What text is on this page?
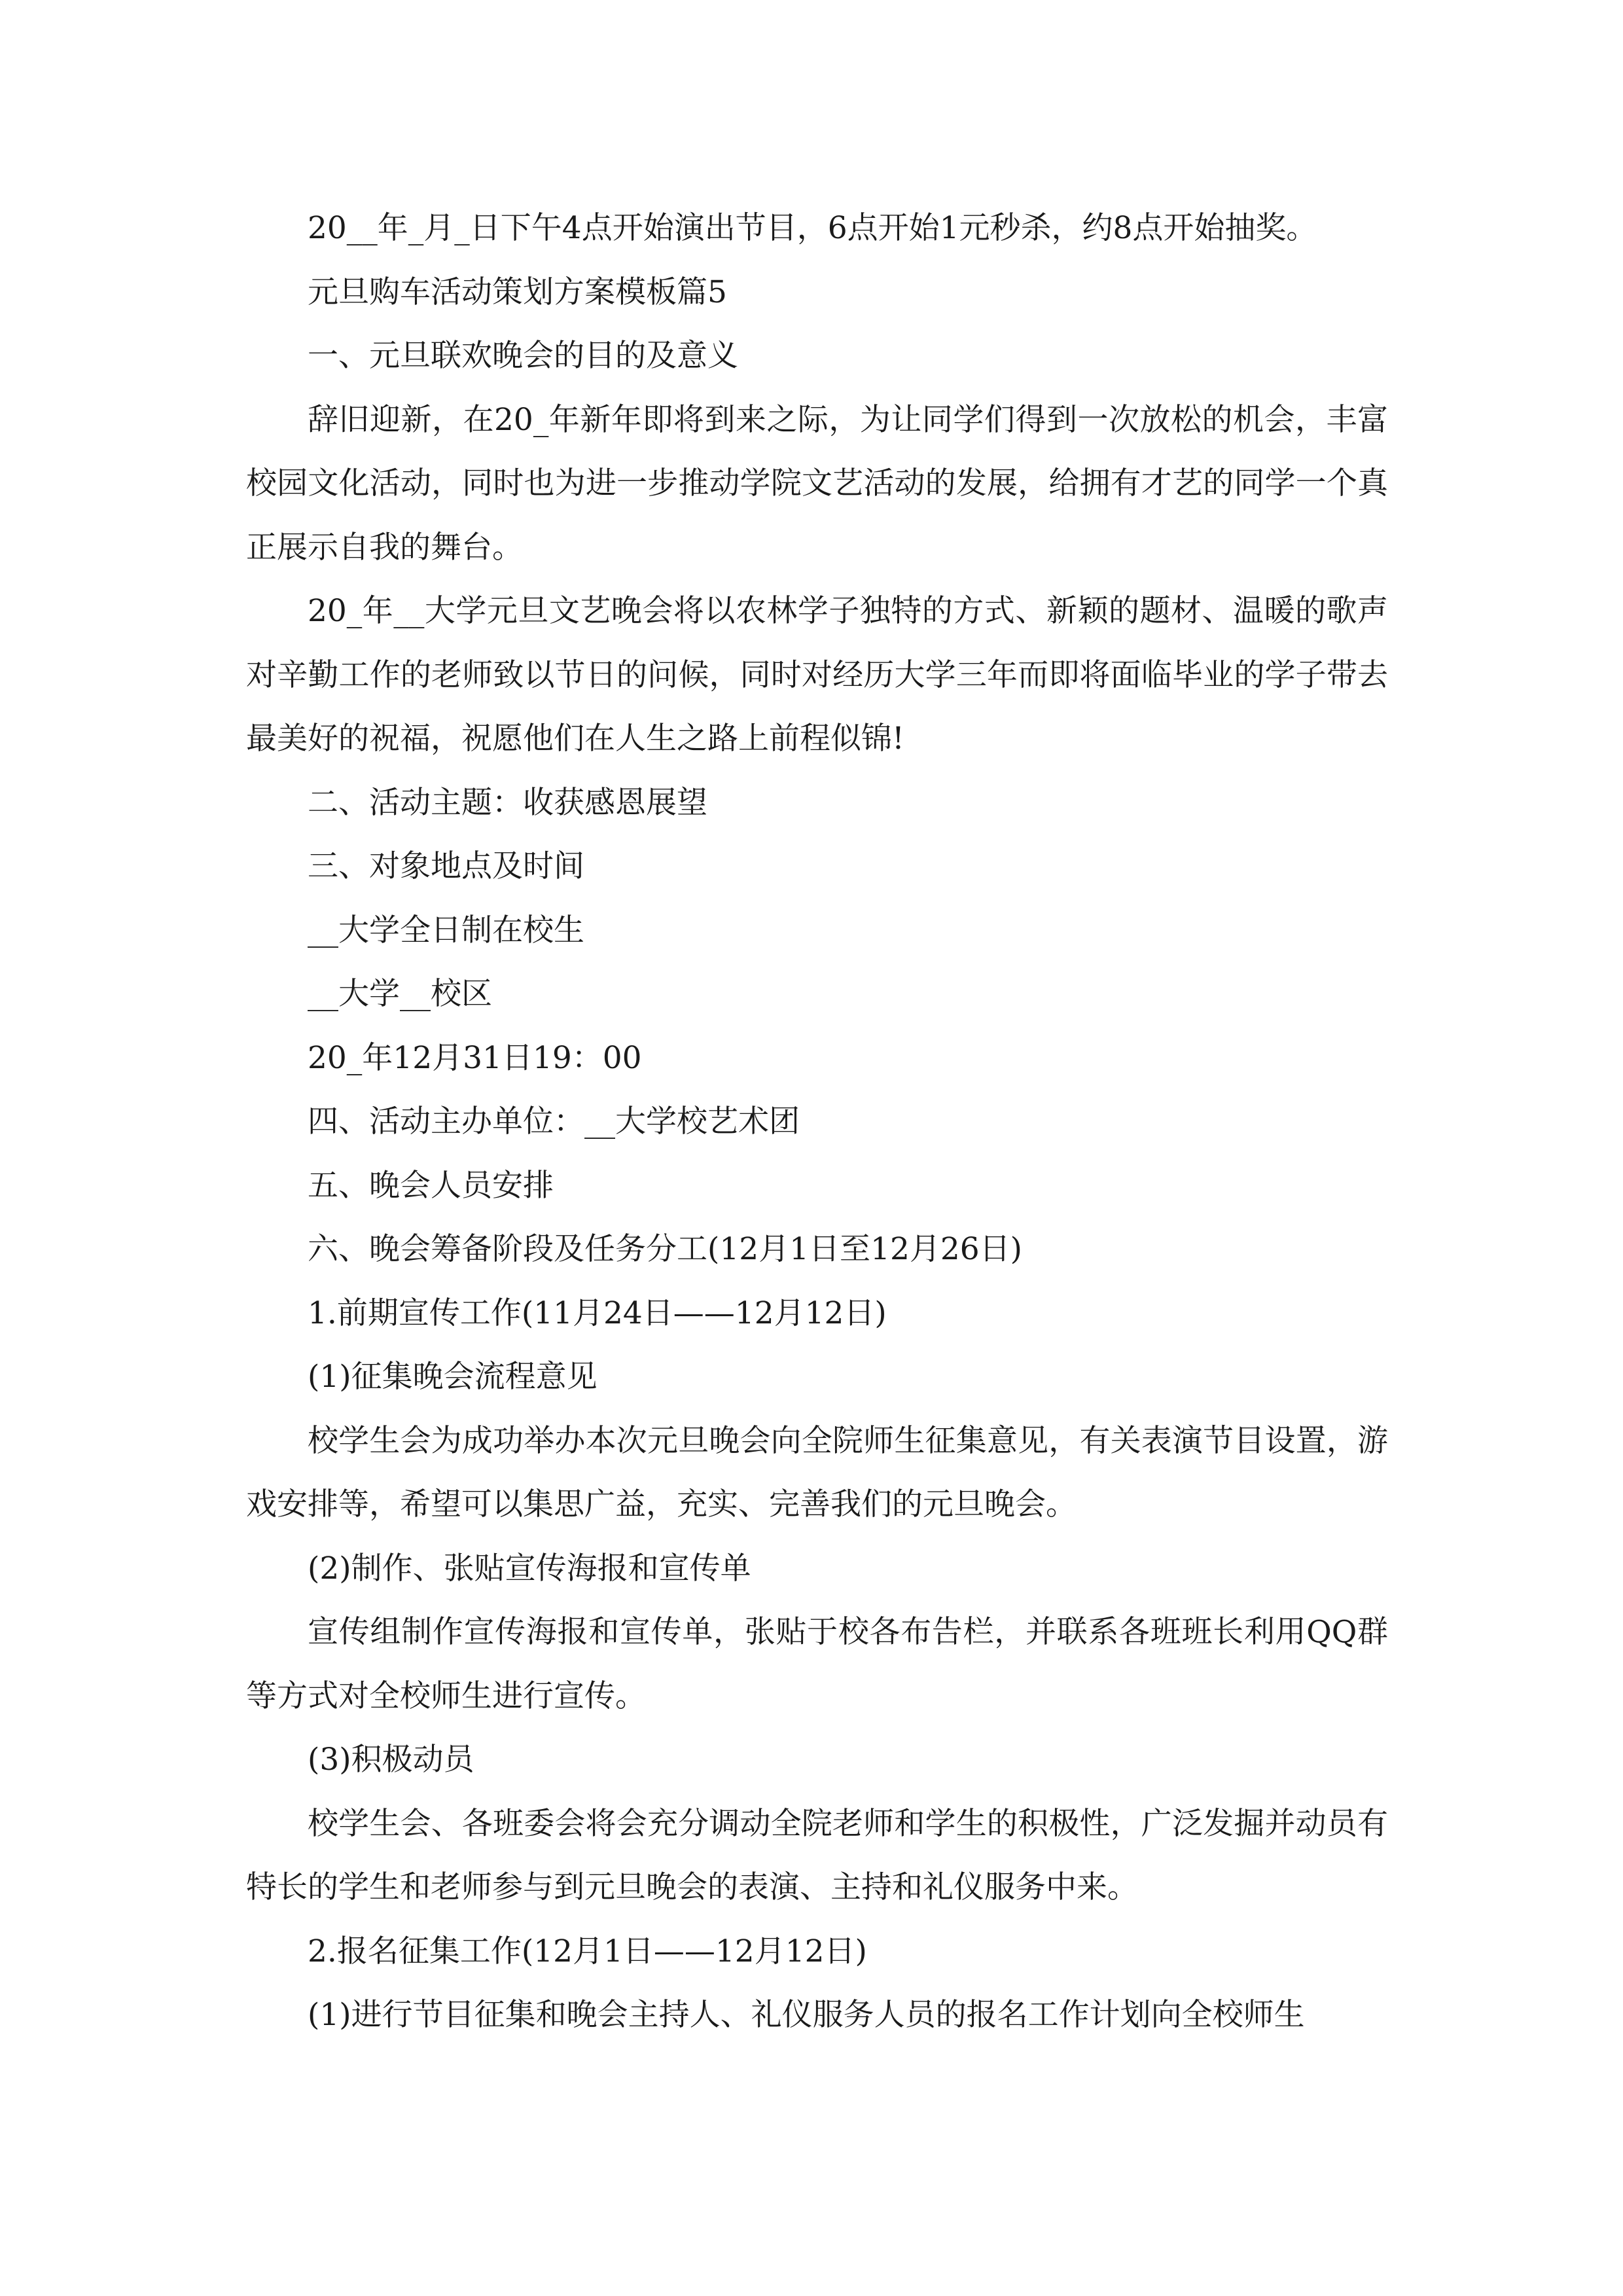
20__年_月_日下午4点开始演出节目，6点开始1元秒杀，约8点开始抽奖。

元旦购车活动策划方案模板篇5

一、元旦联欢晚会的目的及意义

辞旧迎新，在20_年新年即将到来之际，为让同学们得到一次放松的机会，丰富校园文化活动，同时也为进一步推动学院文艺活动的发展，给拥有才艺的同学一个真正展示自我的舞台。

20_年__大学元旦文艺晚会将以农林学子独特的方式、新颖的题材、温暖的歌声对辛勤工作的老师致以节日的问候，同时对经历大学三年而即将面临毕业的学子带去最美好的祝福，祝愿他们在人生之路上前程似锦!

二、活动主题：收获感恩展望

三、对象地点及时间

__大学全日制在校生

__大学__校区

20_年12月31日19：00

四、活动主办单位：__大学校艺术团

五、晚会人员安排

六、晚会筹备阶段及任务分工(12月1日至12月26日)

1.前期宣传工作(11月24日——12月12日)

(1)征集晚会流程意见

校学生会为成功举办本次元旦晚会向全院师生征集意见，有关表演节目设置，游戏安排等，希望可以集思广益，充实、完善我们的元旦晚会。

(2)制作、张贴宣传海报和宣传单

宣传组制作宣传海报和宣传单，张贴于校各布告栏，并联系各班班长利用QQ群等方式对全校师生进行宣传。

(3)积极动员

校学生会、各班委会将会充分调动全院老师和学生的积极性，广泛发掘并动员有特长的学生和老师参与到元旦晚会的表演、主持和礼仪服务中来。

2.报名征集工作(12月1日——12月12日)

(1)进行节目征集和晚会主持人、礼仪服务人员的报名工作计划向全校师生
